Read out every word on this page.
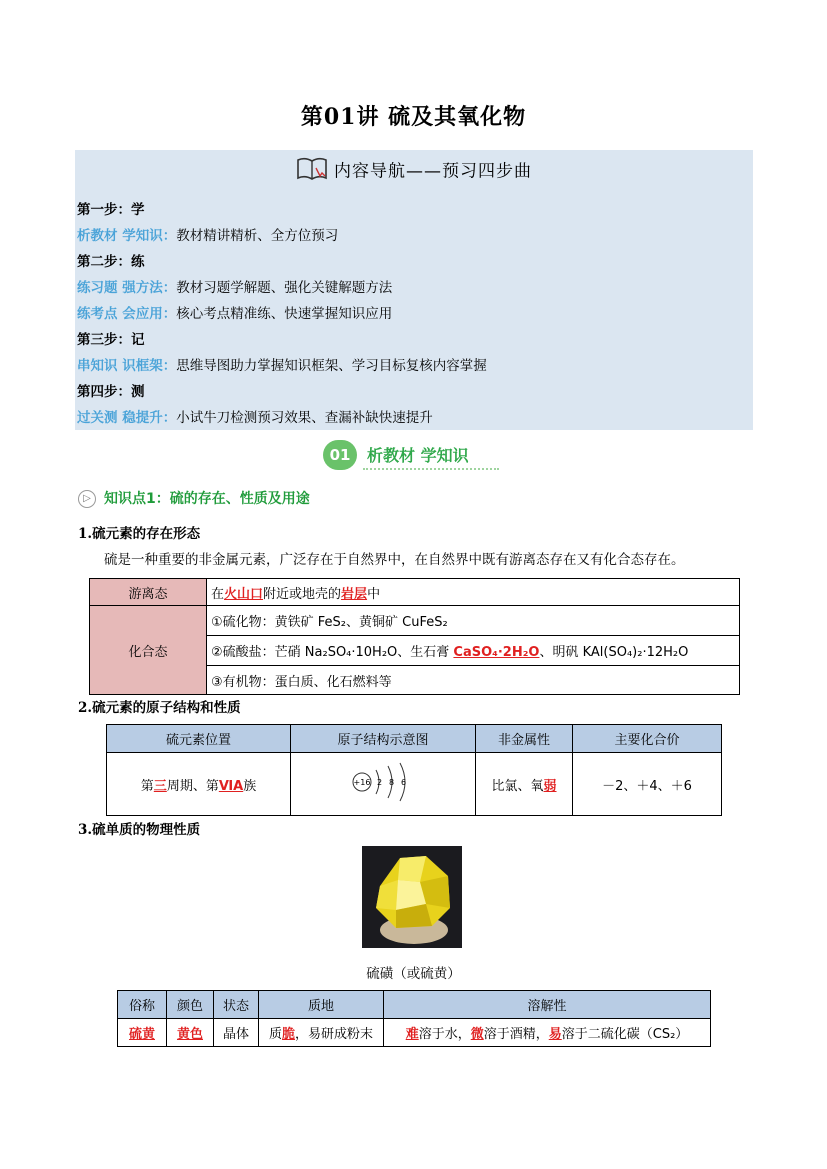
第01讲 硫及其氧化物
内容导航——预习四步曲
第一步：学
析教材 学知识：教材精讲精析、全方位预习
第二步：练
练习题 强方法：教材习题学解题、强化关键解题方法
练考点 会应用：核心考点精准练、快速掌握知识应用
第三步：记
串知识 识框架：思维导图助力掌握知识框架、学习目标复核内容掌握
第四步：测
过关测 稳提升：小试牛刀检测预习效果、查漏补缺快速提升
01	析教材 学知识
▷ 知识点1：硫的存在、性质及用途
1.硫元素的存在形态
硫是一种重要的非金属元素，广泛存在于自然界中，在自然界中既有游离态存在又有化合态存在。
游离态	在火山口附近或地壳的岩层中
化合态	①硫化物：黄铁矿 FeS₂、黄铜矿 CuFeS₂
	②硫酸盐：芒硝 Na₂SO₄·10H₂O、生石膏 CaSO₄·2H₂O、明矾 KAl(SO₄)₂·12H₂O
	③有机物：蛋白质、化石燃料等
2.硫元素的原子结构和性质
硫元素位置	原子结构示意图	非金属性	主要化合价
第三周期、第ⅥA族	+16 2 8 6	比氯、氧弱	－2、＋4、＋6
3.硫单质的物理性质
硫磺（或硫黄）
俗称	颜色	状态	质地	溶解性
硫黄	黄色	晶体	质脆，易研成粉末	难溶于水，微溶于酒精，易溶于二硫化碳（CS₂）
